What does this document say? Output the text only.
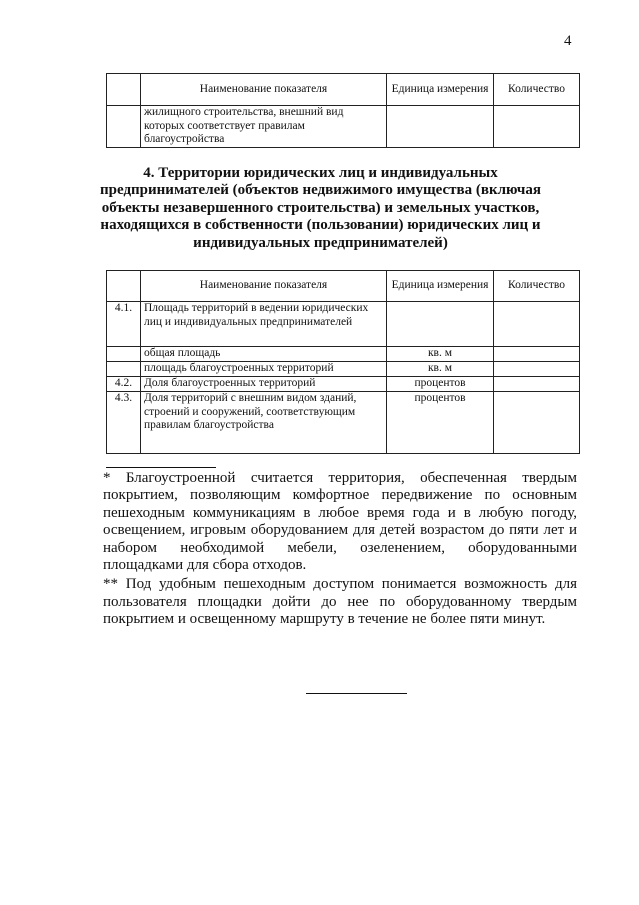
4
	Наименование показателя	Единица измерения	Количество
	жилищного строительства, внешний вид которых соответствует правилам благоустройства		
4. Территории юридических лиц и индивидуальных предпринимателей (объектов недвижимого имущества (включая объекты незавершенного строительства) и земельных участков, находящихся в собственности (пользовании) юридических лиц и индивидуальных предпринимателей)
	Наименование показателя	Единица измерения	Количество
4.1.	Площадь территорий в ведении юридических лиц и индивидуальных предпринимателей		
	общая площадь	кв. м	
	площадь благоустроенных территорий	кв. м	
4.2.	Доля благоустроенных территорий	процентов	
4.3.	Доля территорий с внешним видом зданий, строений и сооружений, соответствующим правилам благоустройства	процентов	

* Благоустроенной считается территория, обеспеченная твердым покрытием, позволяющим комфортное передвижение по основным пешеходным коммуникациям в любое время года и в любую погоду, освещением, игровым оборудованием для детей возрастом до пяти лет и набором необходимой мебели, озеленением, оборудованными площадками для сбора отходов.

** Под удобным пешеходным доступом понимается возможность для пользователя площадки дойти до нее по оборудованному твердым покрытием и освещенному маршруту в течение не более пяти минут.
